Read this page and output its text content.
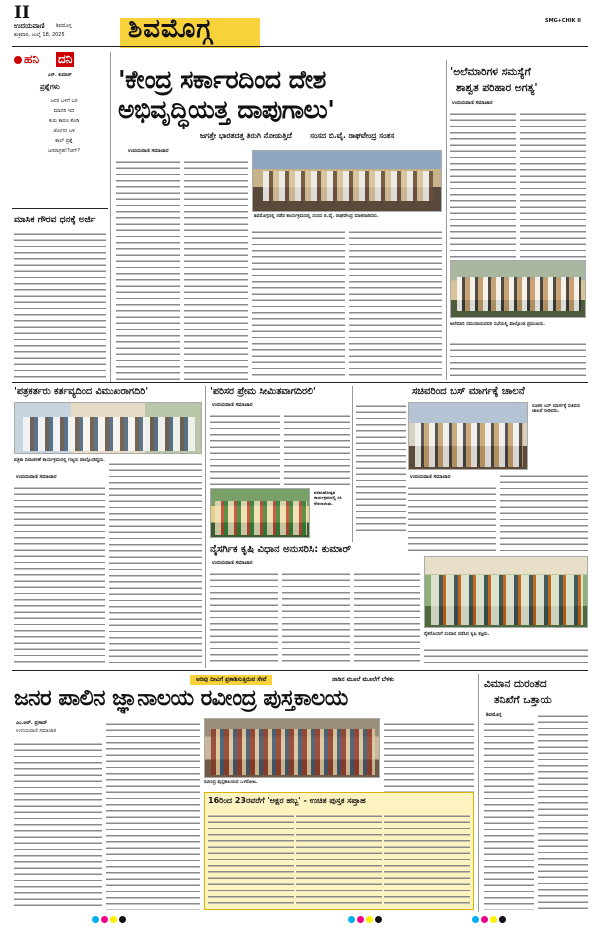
II
ಉದಯವಾಣಿ ಶಿವಮೊಗ್ಗ
ಶುಕ್ರವಾರ, ಜುಲೈ 18, 2025 ಶಿವಮೊಗ್ಗ	SMG+CHIK II
ಹನಿ ದನಿ
ಎನ್. ಕುಮಾರ್
ಪ್ರಶ್ನೆಗಳು
ಜನರ ಬಳಿಗೆ ಬರ
ಮಾದರಿ ಇದ
ಕುರು ಕಾರಣ ಕೊಡಿ
ಜೋಗದ ಬಳಿ
ಕಾಲ್ ಪ್ರಶ್ನೆ
ಜನರಾಗ್ರಹ!?ಚಿಗ್?
ಮಾಸಿಕ ಗೌರವ ಧನಕ್ಕೆ ಅರ್ಜಿ
'ಕೇಂದ್ರ ಸರ್ಕಾರದಿಂದ ದೇಶ
ಅಭಿವೃದ್ಧಿಯತ್ತ ದಾಪುಗಾಲು'
ಜಗತ್ತೇ ಭಾರತದತ್ತ ತಿರುಗಿ ನೋಡುತ್ತಿದೆ ಸಂಸದ ಬಿ.ವೈ. ರಾಘವೇಂದ್ರ ಸಂತಸ
ಉದಯವಾಣಿ ಸಮಾಚಾರ
ಶಿವಮೊಗ್ಗದಲ್ಲಿ ನಡೆದ ಕಾರ್ಯಕ್ರಮದಲ್ಲಿ ಸಂಸದ ಬಿ.ವೈ. ರಾಘವೇಂದ್ರ ಮಾತನಾಡಿದರು.
'ಅಲೆಮಾರಿಗಳ ಸಮಸ್ಯೆಗೆ
ಶಾಶ್ವತ ಪರಿಹಾರ ಅಗತ್ಯ'
ಉದಯವಾಣಿ ಸಮಾಚಾರ
ಅಲೆಮಾರಿ ಸಮುದಾಯದವರ ಸಭೆಯಲ್ಲಿ ಪಾಲ್ಗೊಂಡ ಪ್ರಮುಖರು.
'ಪತ್ರಕರ್ತರು ಕರ್ತವ್ಯದಿಂದ ವಿಮುಖರಾಗದಿರಿ'
ಪತ್ರಿಕಾ ದಿನಾಚರಣೆ ಕಾರ್ಯಕ್ರಮದಲ್ಲಿ ಗಣ್ಯರು ಪಾಲ್ಗೊಂಡಿದ್ದರು.
ಉದಯವಾಣಿ ಸಮಾಚಾರ
'ಪರಿಸರ ಪ್ರೇಮ ಸೀಮಿತವಾಗದಿರಲಿ'
ಉದಯವಾಣಿ ಸಮಾಚಾರ
ವನಮಹೋತ್ಸವ ಕಾರ್ಯಕ್ರಮದಲ್ಲಿ ಸಸಿ ನೆಡಲಾಯಿತು.
ನೈಸರ್ಗಿಕ ಕೃಷಿ ವಿಧಾನ ಅನುಸರಿಸಿ: ಕುಮಾರ್
ಉದಯವಾಣಿ ಸಮಾಚಾರ
ಸಚಿವರಿಂದ ಬಸ್ ಮಾರ್ಗಕ್ಕೆ ಚಾಲನೆ
ನೂತನ ಬಸ್ ಮಾರ್ಗಕ್ಕೆ ಸಚಿವರು ಚಾಲನೆ ನೀಡಿದರು.
ಉದಯವಾಣಿ ಸಮಾಚಾರ
ರೈತರೊಂದಿಗೆ ಸಂವಾದ ನಡೆಸಿದ ಕೃಷಿ ತಜ್ಞರು.
ಅರಿವು ದೀವಿಗೆ ಪ್ರಕಾಶಿಸುತ್ತಿರುವ ಸೇವೆ	ನಾಡಿನ ಮೂಲೆ ಮೂಲೆಗೆ ಬೆಳಕು
ಜನರ ಪಾಲಿನ ಜ್ಞಾನಾಲಯ ರವೀಂದ್ರ ಪುಸ್ತಕಾಲಯ
ಎಂ.ಆರ್. ಪ್ರಸಾದ್
ಉದಯವಾಣಿ ಸಮಾಚಾರ
ರವೀಂದ್ರ ಪುಸ್ತಕಾಲಯದ ಒಳನೋಟ.
16ರಿಂದ 23ರವರೆಗೆ 'ಅಕ್ಷರ ಹಬ್ಬ' - ಉಚಿತ ಪುಸ್ತಕ ಸಪ್ತಾಹ
ವಿಮಾನ ದುರಂತದ
ತನಿಖೆಗೆ ಒತ್ತಾಯ
ಶಿವಮೊಗ್ಗ
